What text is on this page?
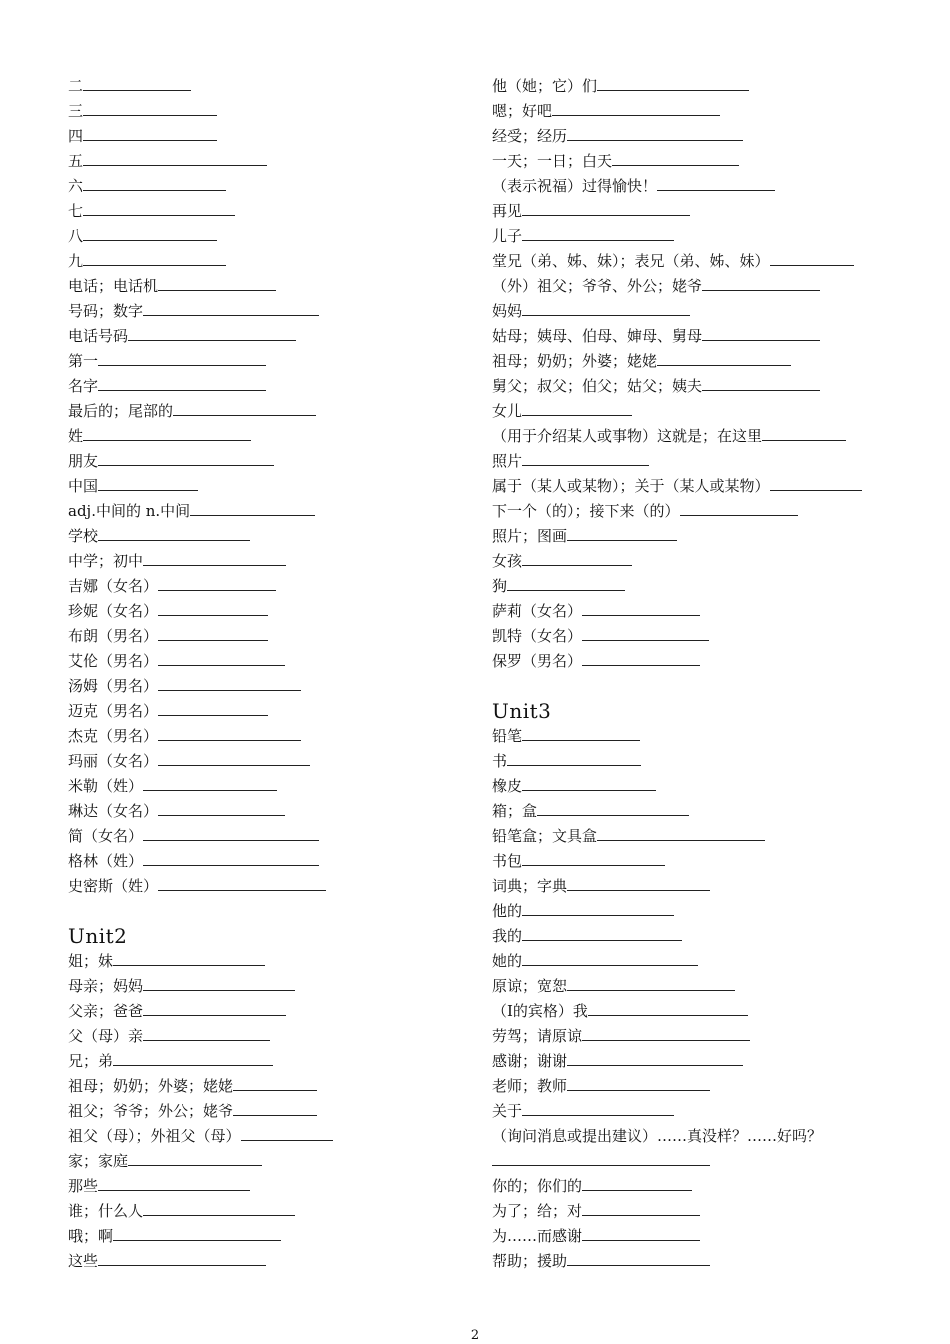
二
三
四
五
六
七
八
九
电话；电话机
号码；数字
电话号码
第一
名字
最后的；尾部的
姓
朋友
中国
adj.中间的 n.中间
学校
中学；初中
吉娜（女名）
珍妮（女名）
布朗（男名）
艾伦（男名）
汤姆（男名）
迈克（男名）
杰克（男名）
玛丽（女名）
米勒（姓）
琳达（女名）
简（女名）
格林（姓）
史密斯（姓）
Unit2
姐；妹
母亲；妈妈
父亲；爸爸
父（母）亲
兄；弟
祖母；奶奶；外婆；姥姥
祖父；爷爷；外公；姥爷
祖父（母）；外祖父（母）
家；家庭
那些
谁；什么人
哦；啊
这些
他（她；它）们
嗯；好吧
经受；经历
一天；一日；白天
（表示祝福）过得愉快！
再见
儿子
堂兄（弟、姊、妹）；表兄（弟、姊、妹）
（外）祖父；爷爷、外公；姥爷
妈妈
姑母；姨母、伯母、婶母、舅母
祖母；奶奶；外婆；姥姥
舅父；叔父；伯父；姑父；姨夫
女儿
（用于介绍某人或事物）这就是；在这里
照片
属于（某人或某物）；关于（某人或某物）
下一个（的）；接下来（的）
照片；图画
女孩
狗
萨莉（女名）
凯特（女名）
保罗（男名）
Unit3
铅笔
书
橡皮
箱；盒
铅笔盒；文具盒
书包
词典；字典
他的
我的
她的
原谅；宽恕
（I的宾格）我
劳驾；请原谅
感谢；谢谢
老师；教师
关于
（询问消息或提出建议）……真没样？……好吗？
你的；你们的
为了；给；对
为……而感谢
帮助；援助
2
